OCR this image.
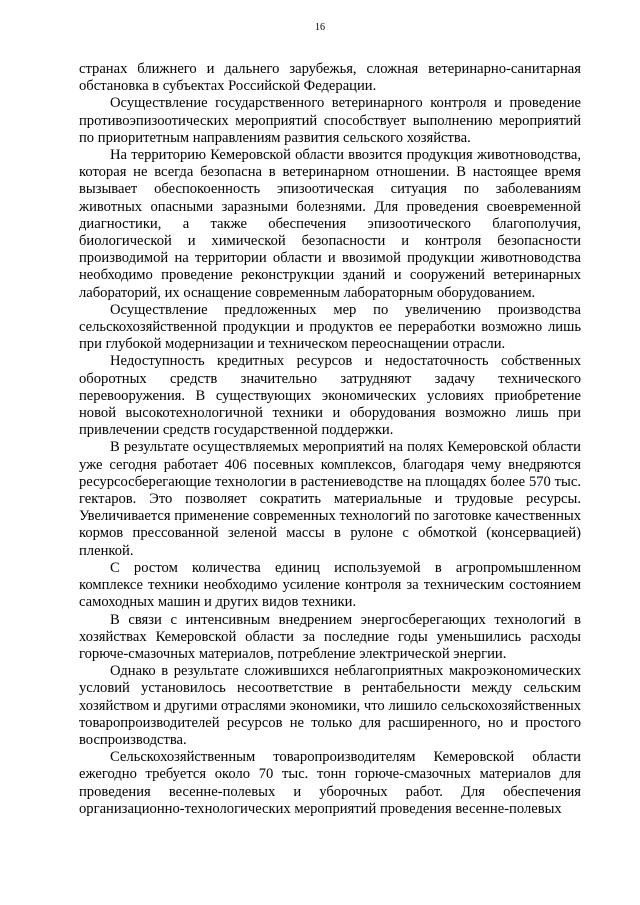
16

странах ближнего и дальнего зарубежья, сложная ветеринарно-санитарная обстановка в субъектах Российской Федерации.

Осуществление государственного ветеринарного контроля и проведение противоэпизоотических мероприятий способствует выполнению мероприятий по приоритетным направлениям развития сельского хозяйства.

На территорию Кемеровской области ввозится продукция животноводства, которая не всегда безопасна в ветеринарном отношении. В настоящее время вызывает обеспокоенность эпизоотическая ситуация по заболеваниям животных опасными заразными болезнями. Для проведения своевременной диагностики, а также обеспечения эпизоотического благополучия, биологической и химической безопасности и контроля безопасности производимой на территории области и ввозимой продукции животноводства необходимо проведение реконструкции зданий и сооружений ветеринарных лабораторий, их оснащение современным лабораторным оборудованием.

Осуществление предложенных мер по увеличению производства сельскохозяйственной продукции и продуктов ее переработки возможно лишь при глубокой модернизации и техническом переоснащении отрасли.

Недоступность кредитных ресурсов и недостаточность собственных оборотных средств значительно затрудняют задачу технического перевооружения. В существующих экономических условиях приобретение новой высокотехнологичной техники и оборудования возможно лишь при привлечении средств государственной поддержки.

В результате осуществляемых мероприятий на полях Кемеровской области уже сегодня работает 406 посевных комплексов, благодаря чему внедряются ресурсосберегающие технологии в растениеводстве на площадях более 570 тыс. гектаров. Это позволяет сократить материальные и трудовые ресурсы. Увеличивается применение современных технологий по заготовке качественных кормов прессованной зеленой массы в рулоне с обмоткой (консервацией) пленкой.

С ростом количества единиц используемой в агропромышленном комплексе техники необходимо усиление контроля за техническим состоянием самоходных машин и других видов техники.

В связи с интенсивным внедрением энергосберегающих технологий в хозяйствах Кемеровской области за последние годы уменьшились расходы горюче-смазочных материалов, потребление электрической энергии.

Однако в результате сложившихся неблагоприятных макроэкономических условий установилось несоответствие в рентабельности между сельским хозяйством и другими отраслями экономики, что лишило сельскохозяйственных товаропроизводителей ресурсов не только для расширенного, но и простого воспроизводства.

Сельскохозяйственным товаропроизводителям Кемеровской области ежегодно требуется около 70 тыс. тонн горюче-смазочных материалов для проведения весенне-полевых и уборочных работ. Для обеспечения организационно-технологических мероприятий проведения весенне-полевых
